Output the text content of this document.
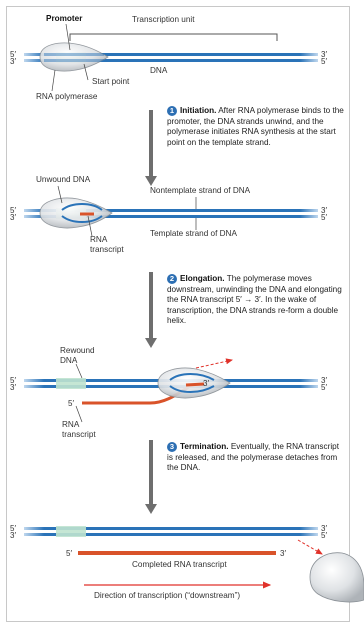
5′
3′
3′
5′
5′
3′
3′
5′
5′
3′
3′
5′
5′
3′
3′
5′
5′
3′
5′	3′
Promoter	Transcription unit
DNA
Start point
RNA polymerase
Unwound DNA
Nontemplate strand of DNA
Template strand of DNA
RNA
transcript
Rewound
DNA
RNA
transcript
Completed RNA transcript
Direction of transcription (“downstream”)
1 Initiation. After RNA polymerase binds to the promoter, the DNA strands unwind, and the polymerase initiates RNA synthesis at the start point on the template strand.
2 Elongation. The polymerase moves downstream, unwinding the DNA and elongating the RNA transcript 5′ → 3′. In the wake of transcription, the DNA strands re-form a double helix.
3 Termination. Eventually, the RNA transcript is released, and the polymerase detaches from the DNA.
